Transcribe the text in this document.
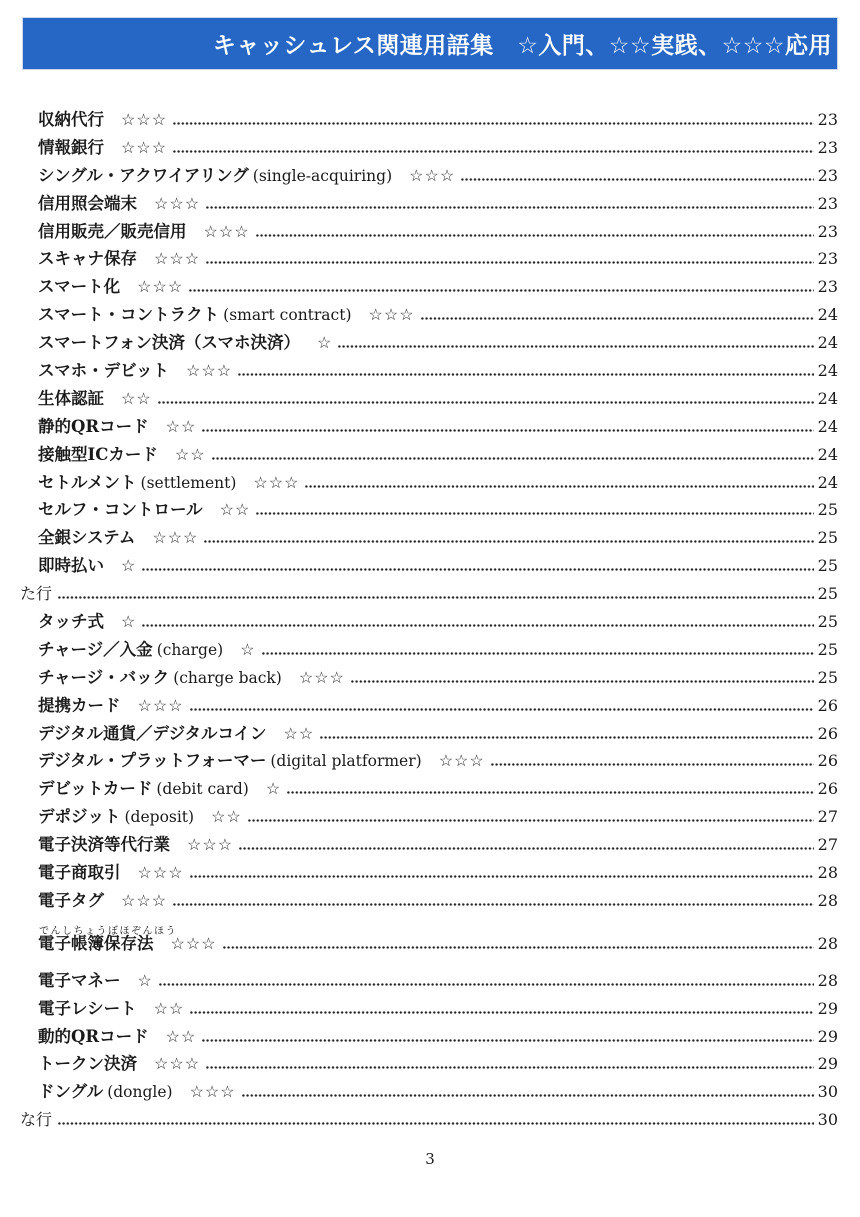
キャッシュレス関連用語集　☆入門、☆☆実践、☆☆☆応用
収納代行 ☆☆☆	23
情報銀行 ☆☆☆	23
シングル・アクワイアリング (single-acquiring) ☆☆☆	23
信用照会端末 ☆☆☆	23
信用販売／販売信用 ☆☆☆	23
スキャナ保存 ☆☆☆	23
スマート化 ☆☆☆	23
スマート・コントラクト (smart contract) ☆☆☆	24
スマートフォン決済（スマホ決済） ☆	24
スマホ・デビット ☆☆☆	24
生体認証 ☆☆	24
静的QRコード ☆☆	24
接触型ICカード ☆☆	24
セトルメント (settlement) ☆☆☆	24
セルフ・コントロール ☆☆	25
全銀システム ☆☆☆	25
即時払い ☆	25
た行	25
タッチ式 ☆	25
チャージ／入金 (charge) ☆	25
チャージ・バック (charge back) ☆☆☆	25
提携カード ☆☆☆	26
デジタル通貨／デジタルコイン ☆☆	26
デジタル・プラットフォーマー (digital platformer) ☆☆☆	26
デビットカード (debit card) ☆	26
デポジット (deposit) ☆☆	27
電子決済等代行業 ☆☆☆	27
電子商取引 ☆☆☆	28
電子タグ ☆☆☆	28
でんしちょうぼほぞんほう
電子帳簿保存法 ☆☆☆	28
電子マネー ☆	28
電子レシート ☆☆	29
動的QRコード ☆☆	29
トークン決済 ☆☆☆	29
ドングル (dongle) ☆☆☆	30
な行	30
3
